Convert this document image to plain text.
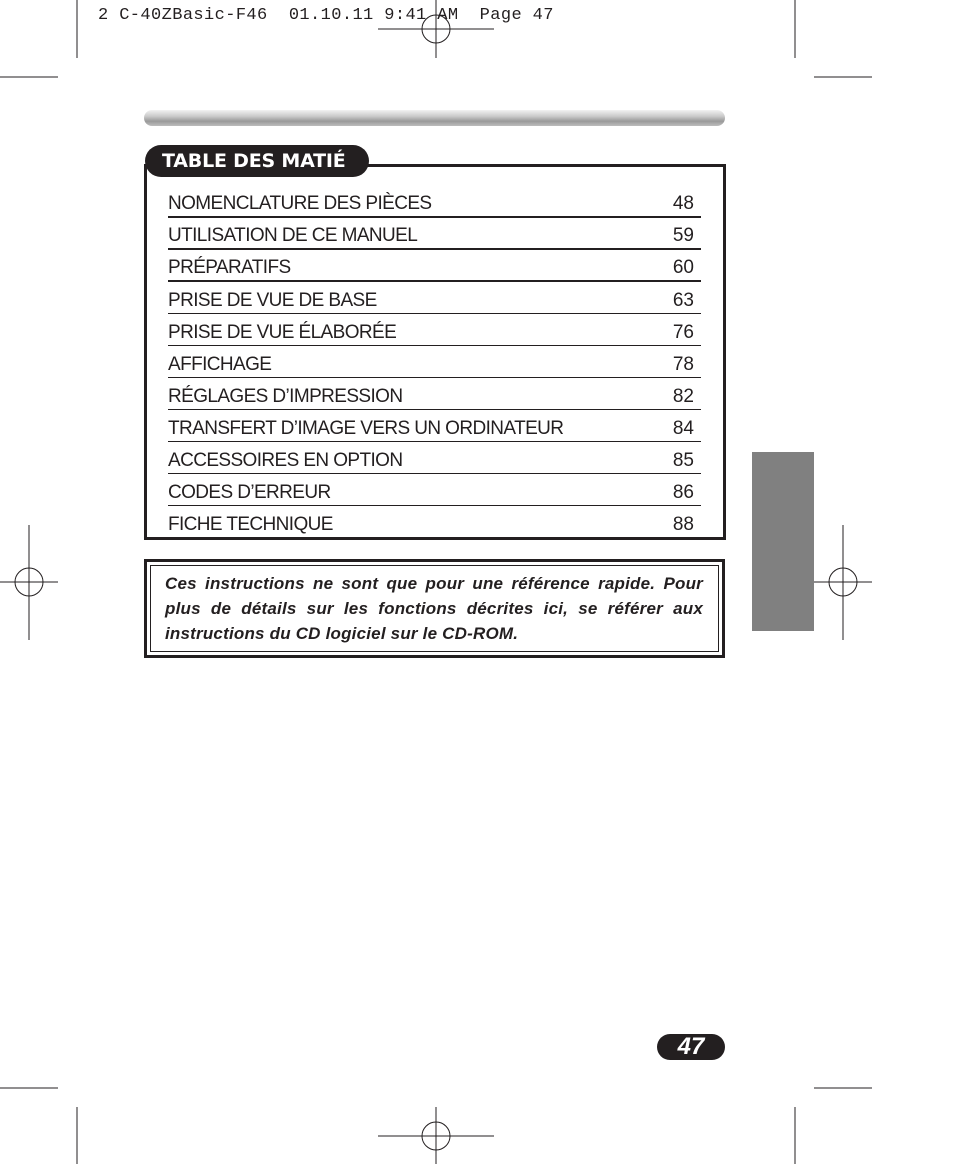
2 C-40ZBasic-F46  01.10.11 9:41 AM  Page 47
TABLE DES MATIÉ
NOMENCLATURE DES PIÈCES	48
UTILISATION DE CE MANUEL	59
PRÉPARATIFS	60
PRISE DE VUE DE BASE	63
PRISE DE VUE ÉLABORÉE	76
AFFICHAGE	78
RÉGLAGES D’IMPRESSION	82
TRANSFERT D’IMAGE VERS UN ORDINATEUR	84
ACCESSOIRES EN OPTION	85
CODES D’ERREUR	86
FICHE TECHNIQUE	88
Ces instructions ne sont que pour une référence rapide. Pour plus de détails sur les fonctions décrites ici, se référer aux instructions du CD logiciel sur le CD-ROM.
47
